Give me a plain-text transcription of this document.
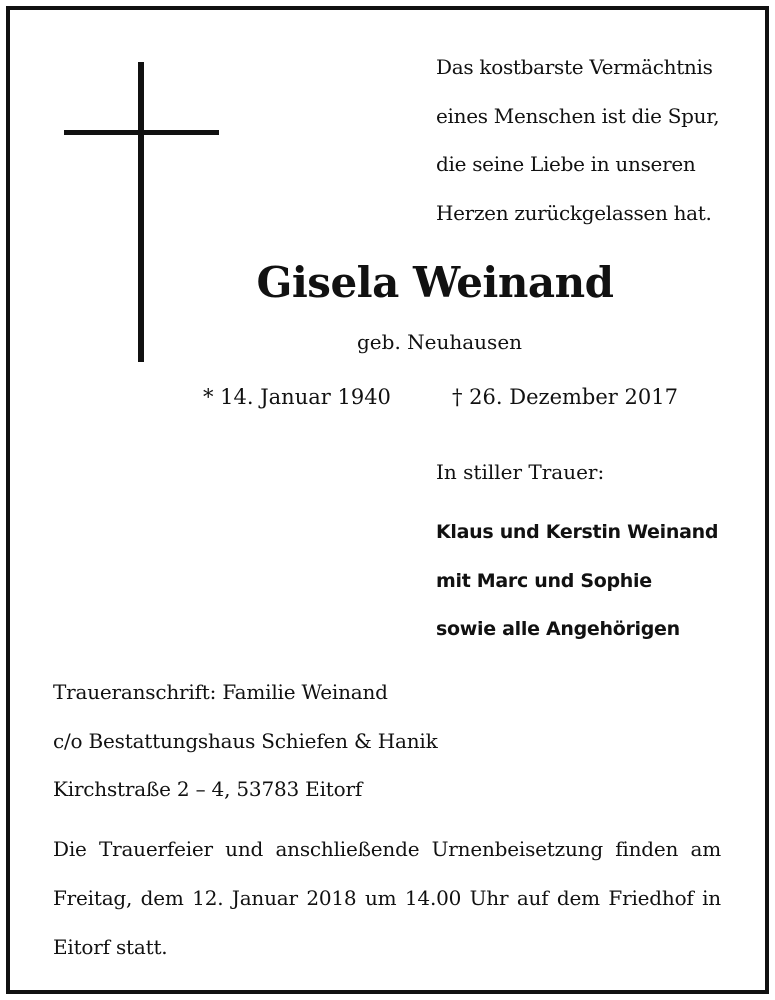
Das kostbarste Vermächtnis
eines Menschen ist die Spur,
die seine Liebe in unseren
Herzen zurückgelassen hat.
Gisela Weinand
geb. Neuhausen
* 14. Januar 1940	† 26. Dezember 2017
In stiller Trauer:
Klaus und Kerstin Weinand
mit Marc und Sophie
sowie alle Angehörigen
Traueranschrift: Familie Weinand
c/o Bestattungshaus Schiefen & Hanik
Kirchstraße 2 – 4, 53783 Eitorf
Die Trauerfeier und anschließende Urnenbeisetzung finden am Freitag, dem 12. Januar 2018 um 14.00 Uhr auf dem Friedhof in Eitorf statt.
